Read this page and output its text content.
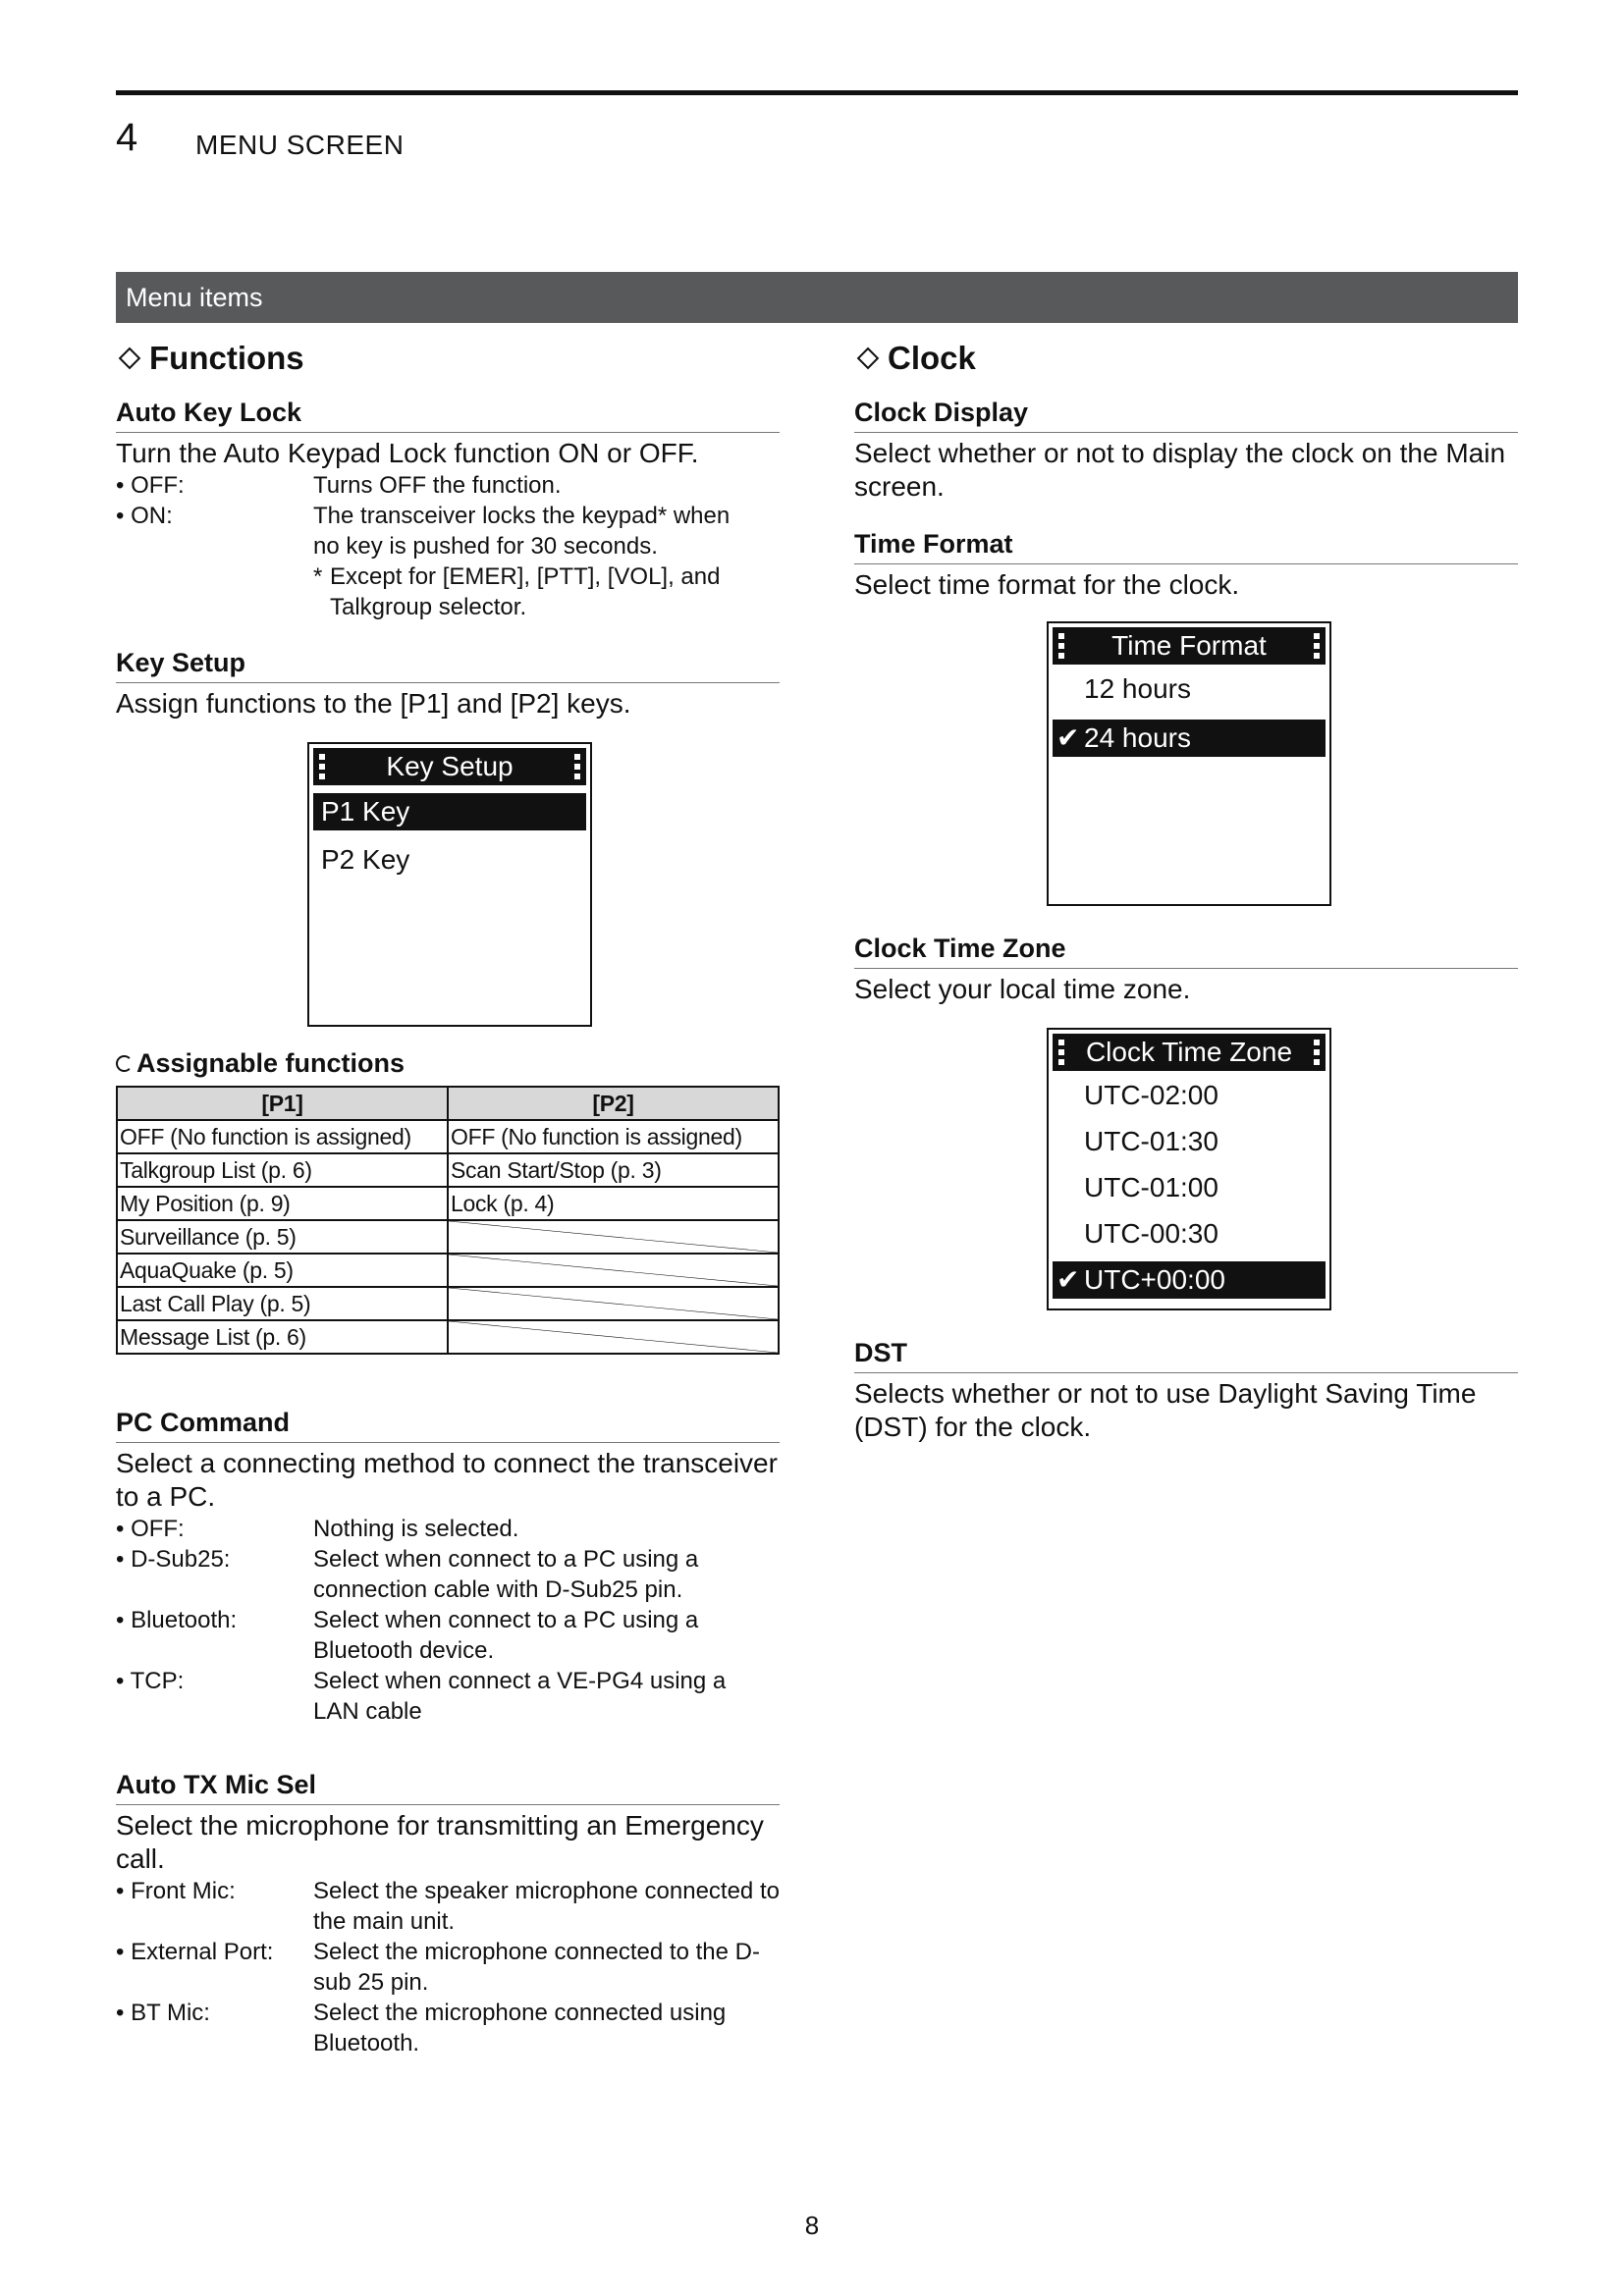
4 MENU SCREEN
Menu items
Functions
Auto Key Lock
Turn the Auto Keypad Lock function ON or OFF.
• OFF:	Turns OFF the function.
• ON:	The transceiver locks the keypad* when no key is pushed for 30 seconds.
* Except for [EMER], [PTT], [VOL], and Talkgroup selector.
Key Setup
Assign functions to the [P1] and [P2] keys.
Key Setup
P1 Key
P2 Key
Assignable functions
[P1]	[P2]
OFF (No function is assigned)	OFF (No function is assigned)
Talkgroup List (p. 6)	Scan Start/Stop (p. 3)
My Position (p. 9)	Lock (p. 4)
Surveillance (p. 5)	

AquaQuake (p. 5)	

Last Call Play (p. 5)	

Message List (p. 6)	
PC Command
Select a connecting method to connect the transceiver to a PC.
• OFF:	Nothing is selected.
• D-Sub25:	Select when connect to a PC using a connection cable with D-Sub25 pin.
• Bluetooth:	Select when connect to a PC using a Bluetooth device.
• TCP:	Select when connect a VE-PG4 using a LAN cable
Auto TX Mic Sel
Select the microphone for transmitting an Emergency call.
• Front Mic:	Select the speaker microphone connected to the main unit.
• External Port:	Select the microphone connected to the D-sub 25 pin.
• BT Mic:	Select the microphone connected using Bluetooth.
Clock
Clock Display
Select whether or not to display the clock on the Main screen.
Time Format
Select time format for the clock.
Time Format
12 hours
✔ 24 hours
Clock Time Zone
Select your local time zone.
Clock Time Zone
UTC-02:00
UTC-01:30
UTC-01:00
UTC-00:30
✔ UTC+00:00
DST
Selects whether or not to use Daylight Saving Time (DST) for the clock.
8
